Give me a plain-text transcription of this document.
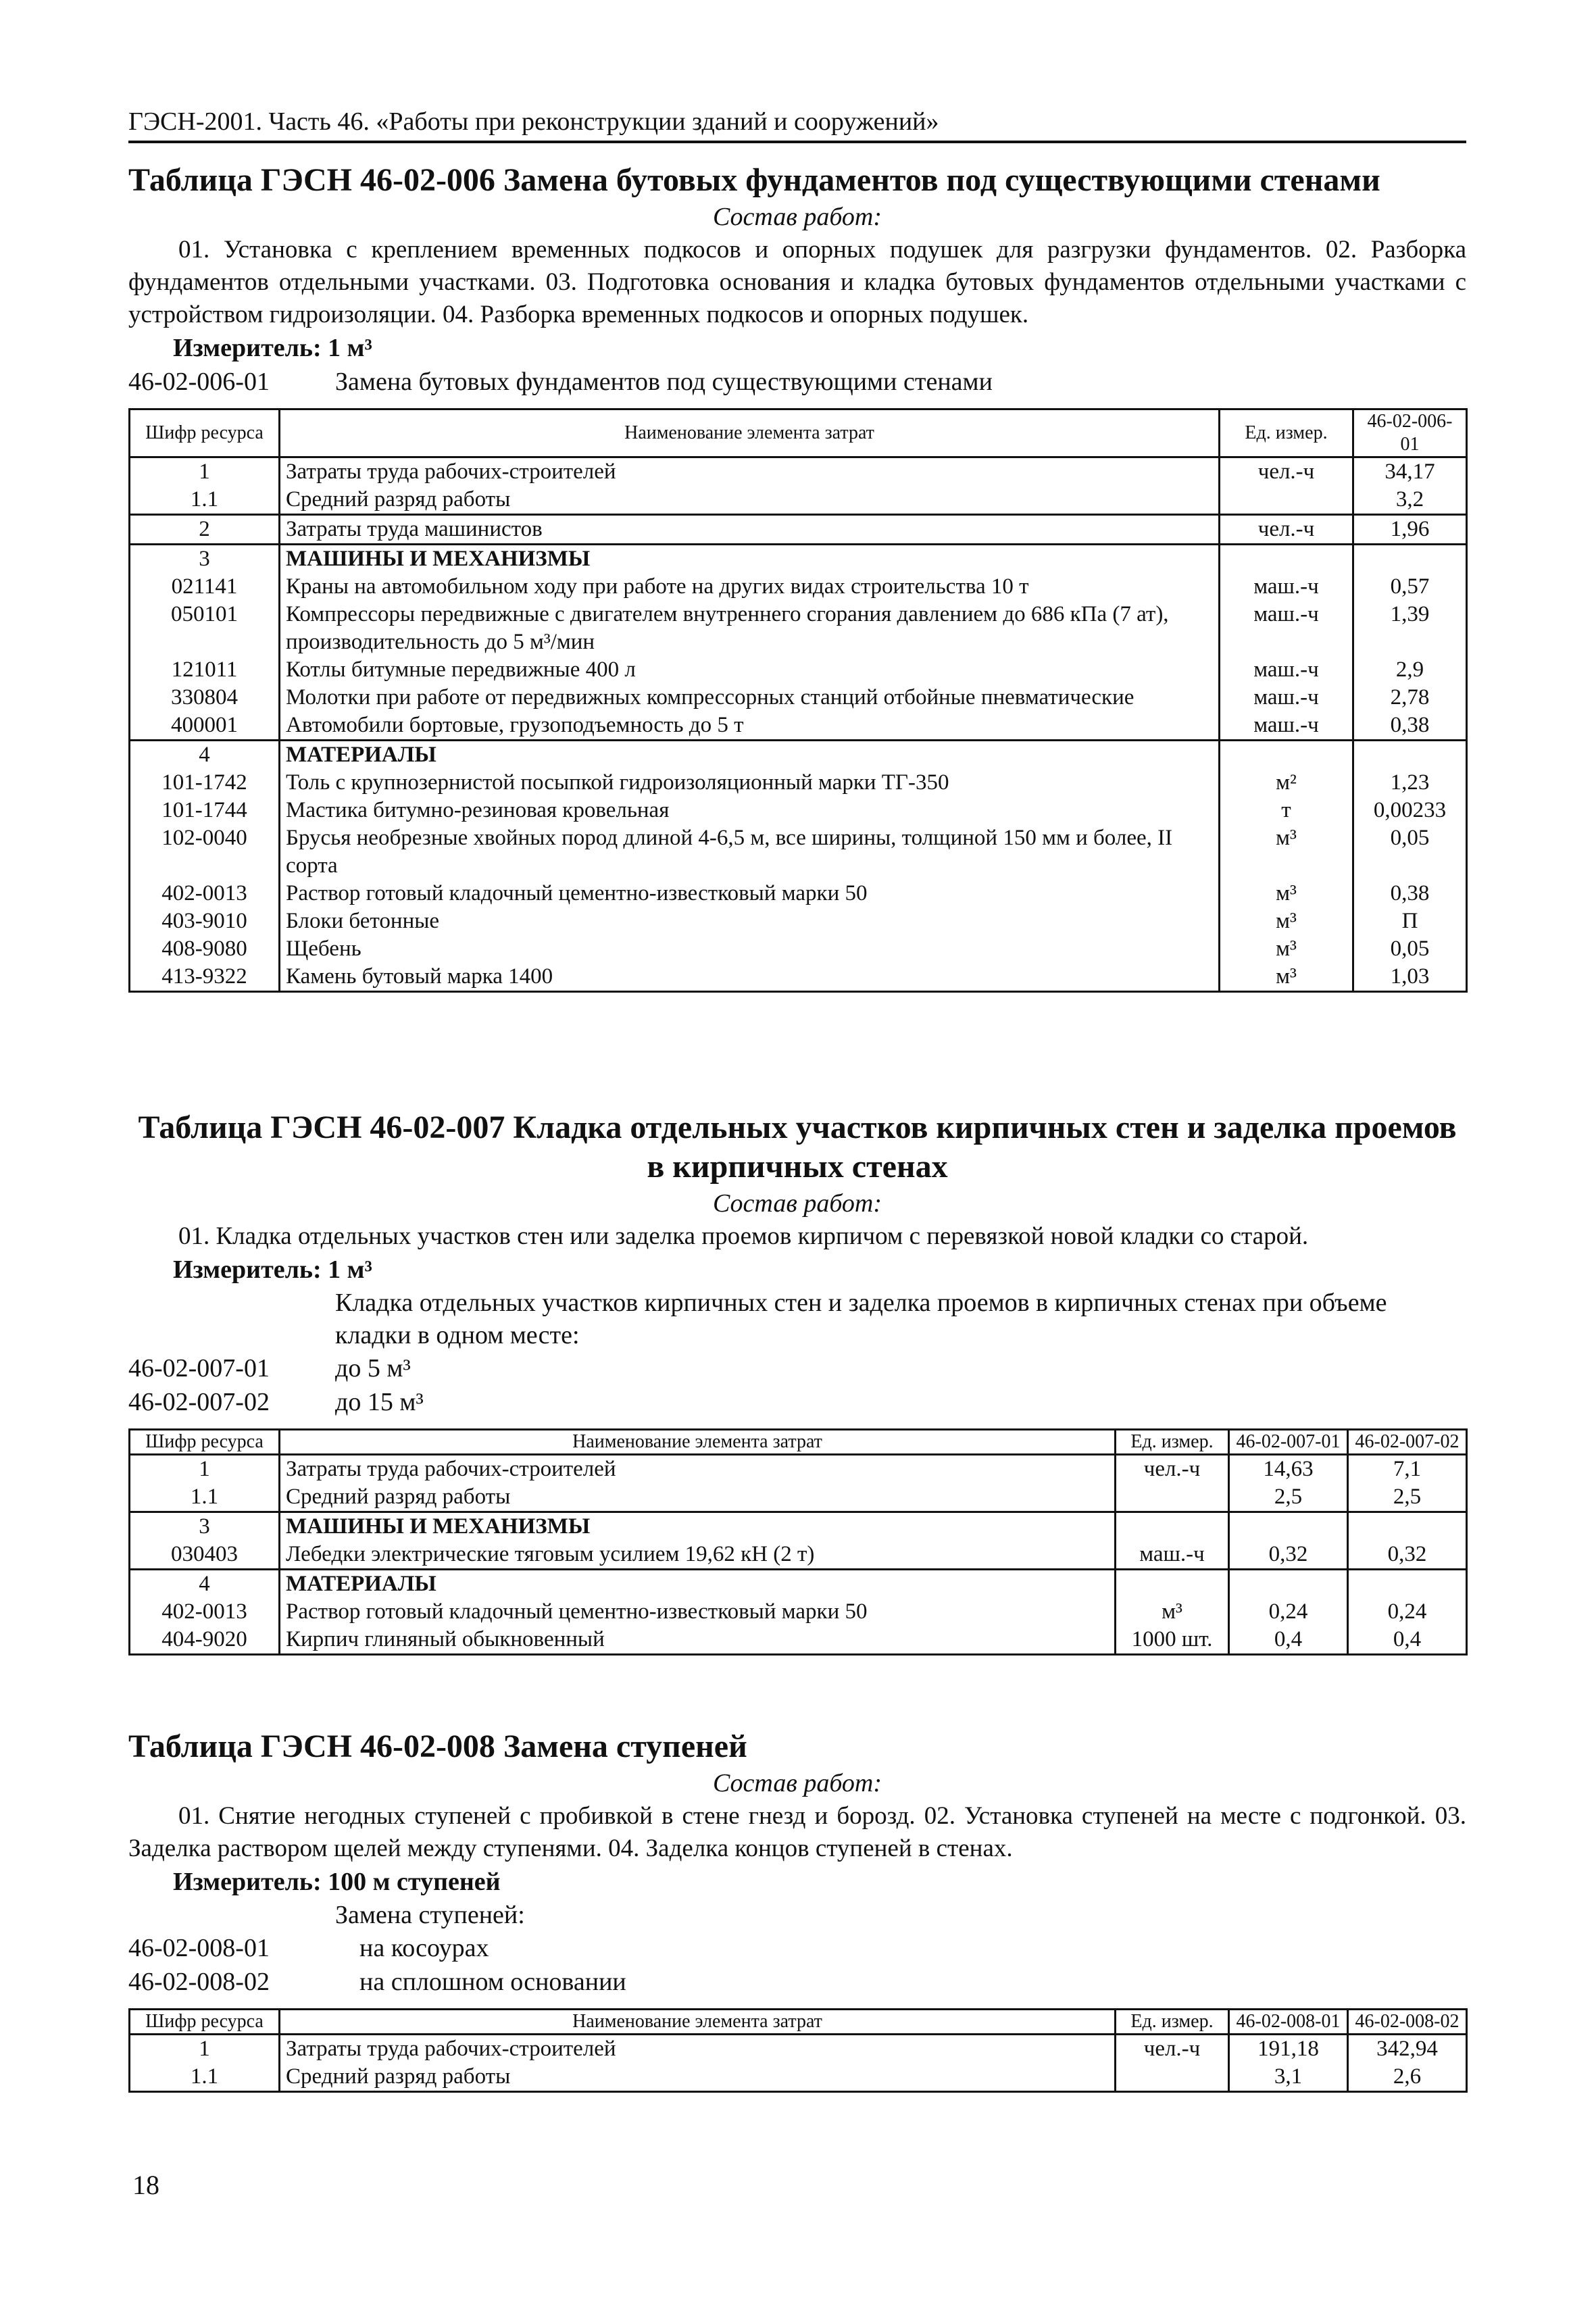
ГЭСН-2001. Часть 46. «Работы при реконструкции зданий и сооружений»
Таблица ГЭСН 46-02-006 Замена бутовых фундаментов под существующими стенами
Состав работ:
01. Установка с креплением временных подкосов и опорных подушек для разгрузки фундаментов. 02. Разборка фундаментов отдельными участками. 03. Подготовка основания и кладка бутовых фундаментов отдельными участками с устройством гидроизоляции. 04. Разборка временных подкосов и опорных подушек.
Измеритель: 1 м³
46-02-006-01	Замена бутовых фундаментов под существующими стенами
Шифр ресурса	Наименование элемента затрат	Ед. измер.	46-02-006-01
1	Затраты труда рабочих-строителей	чел.-ч	34,17
1.1	Средний разряд работы		3,2
2	Затраты труда машинистов	чел.-ч	1,96
3	МАШИНЫ И МЕХАНИЗМЫ		
021141	Краны на автомобильном ходу при работе на других видах строительства 10 т	маш.-ч	0,57
050101	Компрессоры передвижные с двигателем внутреннего сгорания давлением до 686 кПа (7 ат), производительность до 5 м³/мин	маш.-ч	1,39
121011	Котлы битумные передвижные 400 л	маш.-ч	2,9
330804	Молотки при работе от передвижных компрессорных станций отбойные пневматические	маш.-ч	2,78
400001	Автомобили бортовые, грузоподъемность до 5 т	маш.-ч	0,38
4	МАТЕРИАЛЫ		
101-1742	Толь с крупнозернистой посыпкой гидроизоляционный марки ТГ-350	м²	1,23
101-1744	Мастика битумно-резиновая кровельная	т	0,00233
102-0040	Брусья необрезные хвойных пород длиной 4-6,5 м, все ширины, толщиной 150 мм и более, II сорта	м³	0,05
402-0013	Раствор готовый кладочный цементно-известковый марки 50	м³	0,38
403-9010	Блоки бетонные	м³	П
408-9080	Щебень	м³	0,05
413-9322	Камень бутовый марка 1400	м³	1,03
Таблица ГЭСН 46-02-007 Кладка отдельных участков кирпичных стен и заделка проемов в кирпичных стенах
Состав работ:
01. Кладка отдельных участков стен или заделка проемов кирпичом с перевязкой новой кладки со старой.
Измеритель: 1 м³
Кладка отдельных участков кирпичных стен и заделка проемов в кирпичных стенах при объеме кладки в одном месте:
46-02-007-01	до 5 м³
46-02-007-02	до 15 м³
Шифр ресурса	Наименование элемента затрат	Ед. измер.	46-02-007-01	46-02-007-02
1	Затраты труда рабочих-строителей	чел.-ч	14,63	7,1
1.1	Средний разряд работы		2,5	2,5
3	МАШИНЫ И МЕХАНИЗМЫ			
030403	Лебедки электрические тяговым усилием 19,62 кН (2 т)	маш.-ч	0,32	0,32
4	МАТЕРИАЛЫ			
402-0013	Раствор готовый кладочный цементно-известковый марки 50	м³	0,24	0,24
404-9020	Кирпич глиняный обыкновенный	1000 шт.	0,4	0,4
Таблица ГЭСН 46-02-008 Замена ступеней
Состав работ:
01. Снятие негодных ступеней с пробивкой в стене гнезд и борозд. 02. Установка ступеней на месте с подгонкой. 03. Заделка раствором щелей между ступенями. 04. Заделка концов ступеней в стенах.
Измеритель: 100 м ступеней
Замена ступеней:
46-02-008-01	на косоурах
46-02-008-02	на сплошном основании
Шифр ресурса	Наименование элемента затрат	Ед. измер.	46-02-008-01	46-02-008-02
1	Затраты труда рабочих-строителей	чел.-ч	191,18	342,94
1.1	Средний разряд работы		3,1	2,6
18
